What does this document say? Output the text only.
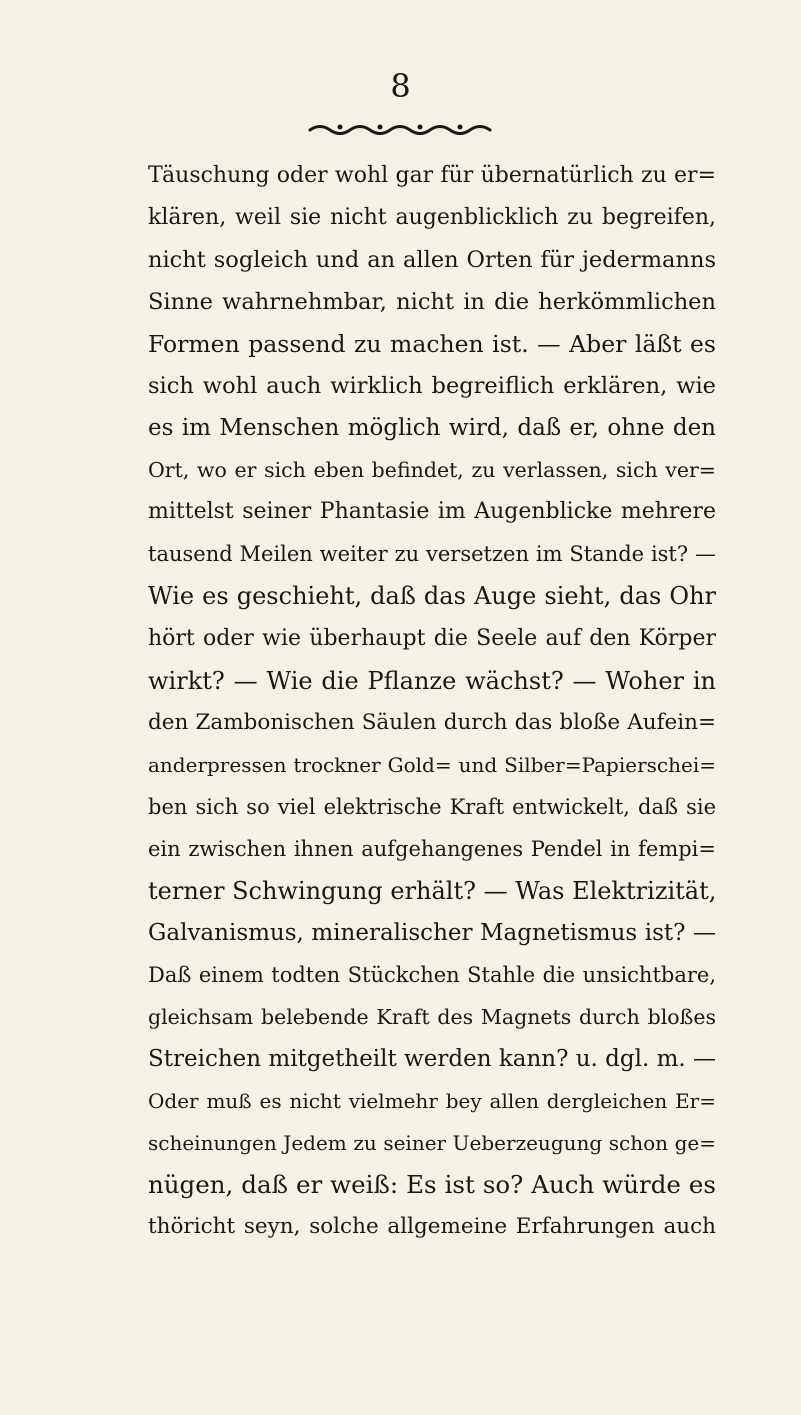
8
Täuschung oder wohl gar für übernatürlich zu er=
klären, weil sie nicht augenblicklich zu begreifen,
nicht sogleich und an allen Orten für jedermanns
Sinne wahrnehmbar, nicht in die herkömmlichen
Formen passend zu machen ist. — Aber läßt es
sich wohl auch wirklich begreiflich erklären, wie
es im Menschen möglich wird, daß er, ohne den
Ort, wo er sich eben befindet, zu verlassen, sich ver=
mittelst seiner Phantasie im Augenblicke mehrere
tausend Meilen weiter zu versetzen im Stande ist? —
Wie es geschieht, daß das Auge sieht, das Ohr
hört oder wie überhaupt die Seele auf den Körper
wirkt? — Wie die Pflanze wächst? — Woher in
den Zambonischen Säulen durch das bloße Aufein=
anderpressen trockner Gold= und Silber=Papierschei=
ben sich so viel elektrische Kraft entwickelt, daß sie
ein zwischen ihnen aufgehangenes Pendel in fempi=
terner Schwingung erhält? — Was Elektrizität,
Galvanismus, mineralischer Magnetismus ist? —
Daß einem todten Stückchen Stahle die unsichtbare,
gleichsam belebende Kraft des Magnets durch bloßes
Streichen mitgetheilt werden kann? u. dgl. m. —
Oder muß es nicht vielmehr bey allen dergleichen Er=
scheinungen Jedem zu seiner Ueberzeugung schon ge=
nügen, daß er weiß: Es ist so? Auch würde es
thöricht seyn, solche allgemeine Erfahrungen auch
